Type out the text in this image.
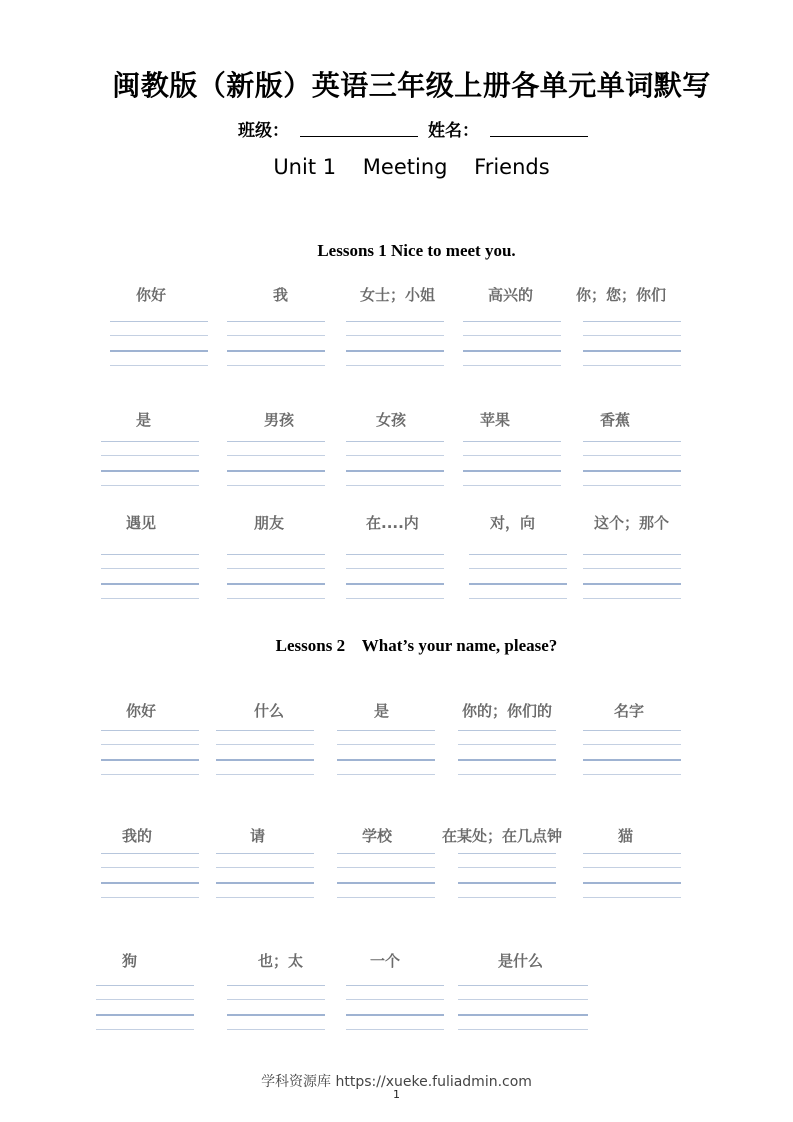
闽教版（新版）英语三年级上册各单元单词默写
班级：	姓名：
Unit 1    Meeting    Friends
Lessons 1 Nice to meet you.
Lessons 2    What’s your name, please?
你好	我	女士；小姐	高兴的	你；您；你们
是	男孩	女孩	苹果	香蕉
遇见	朋友	在....内	对，向	这个；那个
你好	什么	是	你的；你们的	名字
我的	请	学校	在某处；在几点钟	猫
狗	也；太	一个	是什么
学科资源库 https://xueke.fuliadmin.com
1
